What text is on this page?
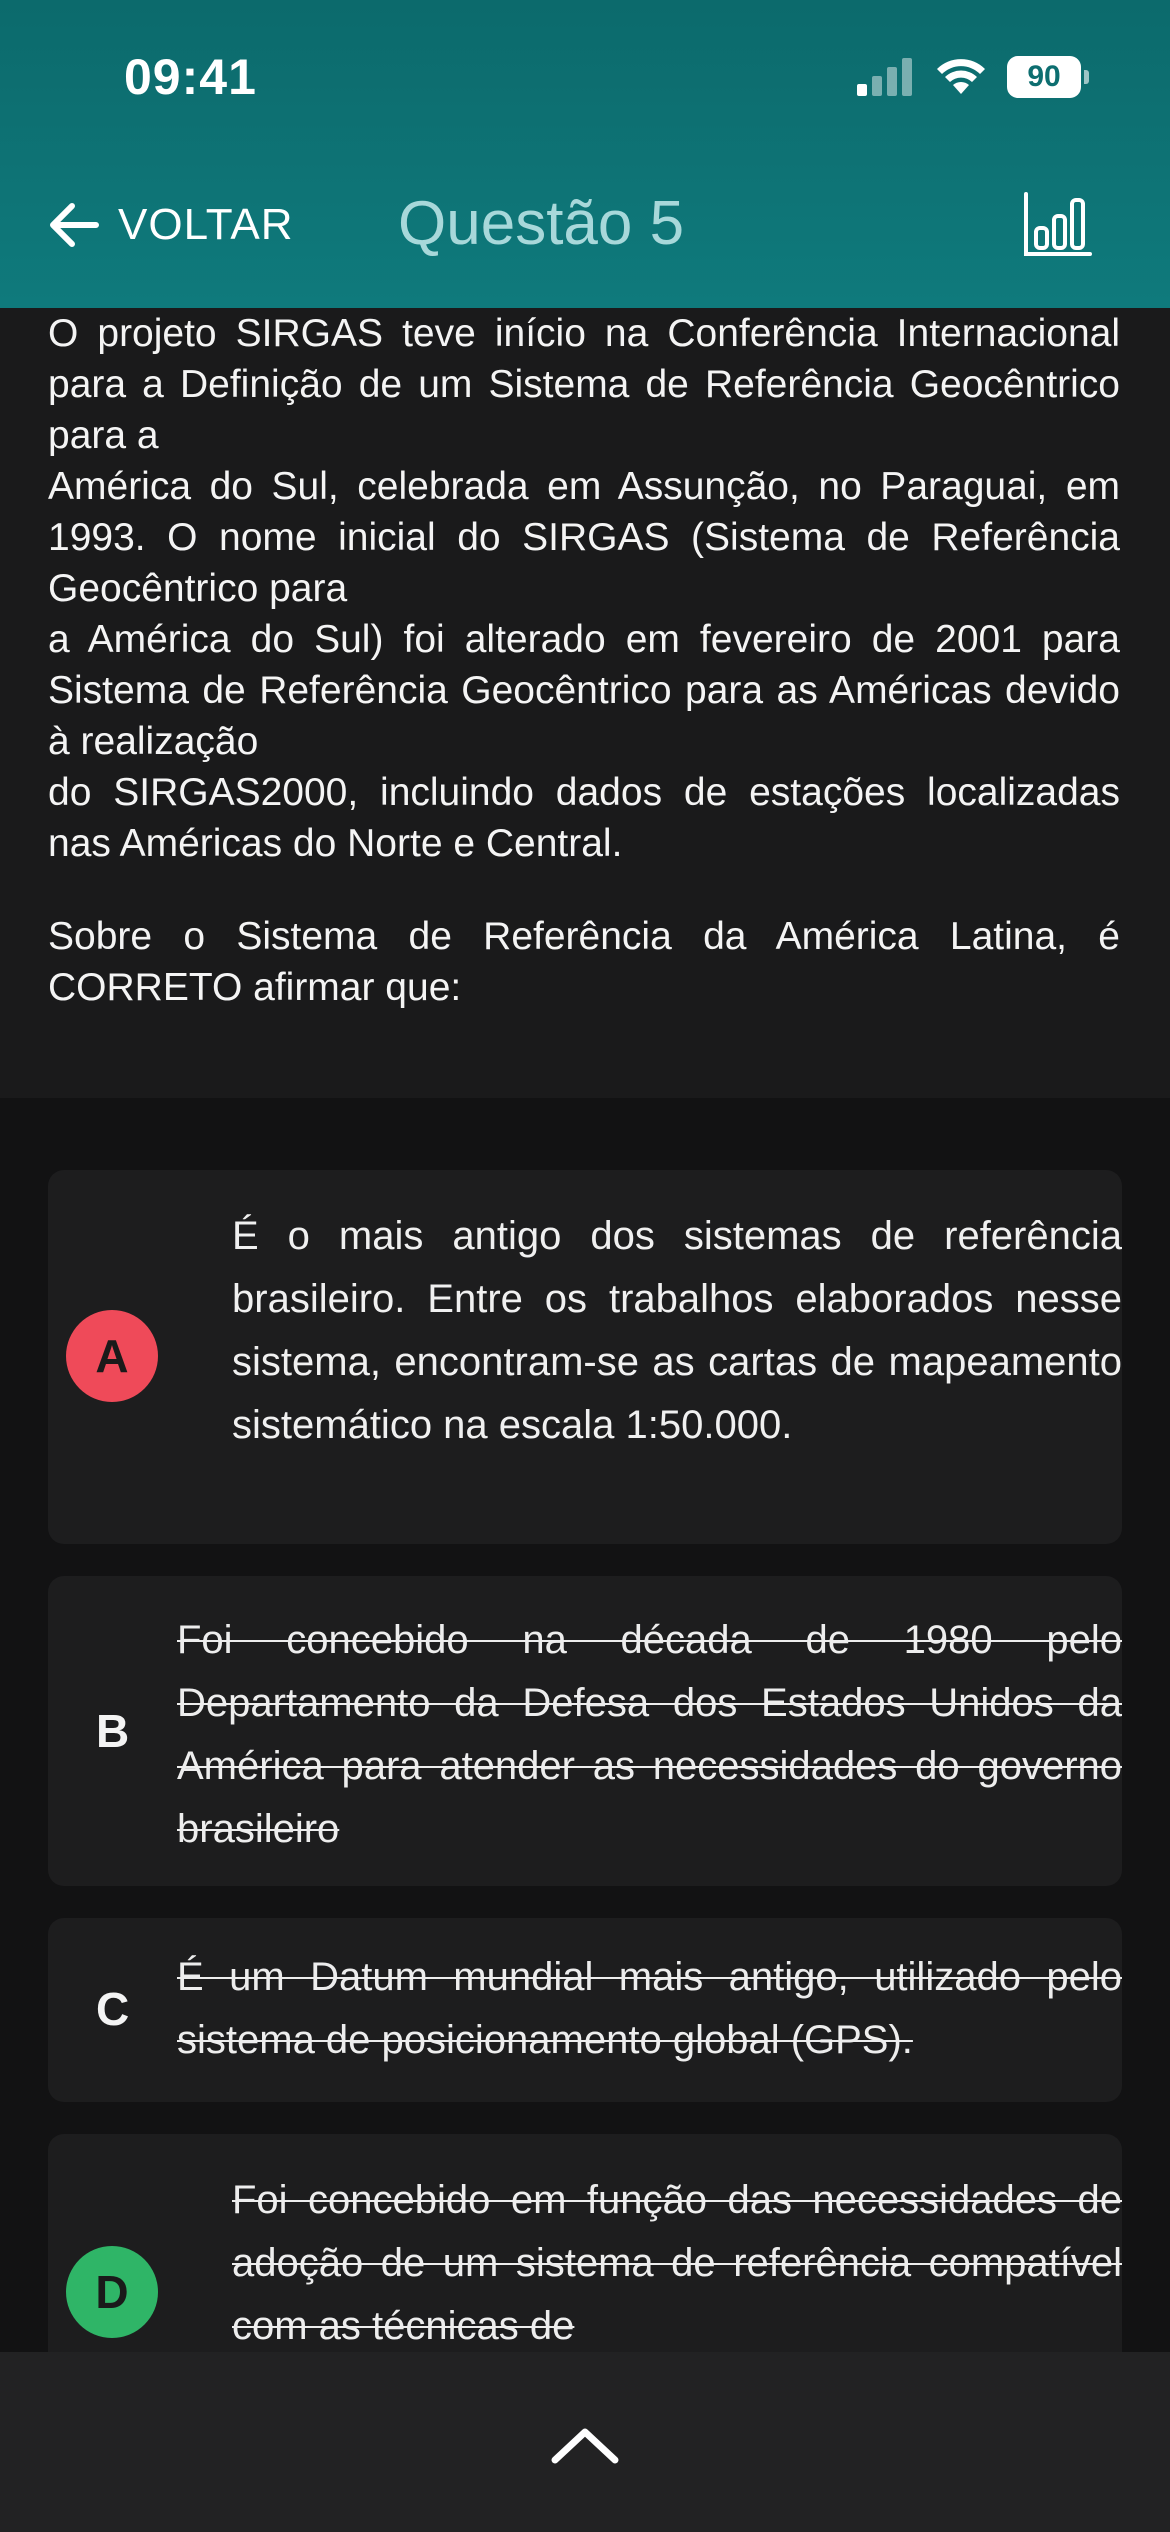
09:41	90
VOLTAR Questão 5

O projeto SIRGAS teve início na Conferência Internacional para a Definição de um Sistema de Referência Geocêntrico para a
América do Sul, celebrada em Assunção, no Paraguai, em 1993. O nome inicial do SIRGAS (Sistema de Referência Geocêntrico para
a América do Sul) foi alterado em fevereiro de 2001 para Sistema de Referência Geocêntrico para as Américas devido à realização
do SIRGAS2000, incluindo dados de estações localizadas nas Américas do Norte e Central.

Sobre o Sistema de Referência da América Latina, é CORRETO afirmar que:

A
É o mais antigo dos sistemas de referência brasileiro. Entre os trabalhos elaborados nesse sistema, encontram-se as cartas de mapeamento sistemático na escala 1:50.000.
B
Foi concebido na década de 1980 pelo Departamento da Defesa dos Estados Unidos da América para atender as necessidades do governo brasileiro
C
É um Datum mundial mais antigo, utilizado pelo sistema de posicionamento global (GPS).
D
Foi concebido em função das necessidades de adoção de um sistema de referência compatível com as técnicas de
